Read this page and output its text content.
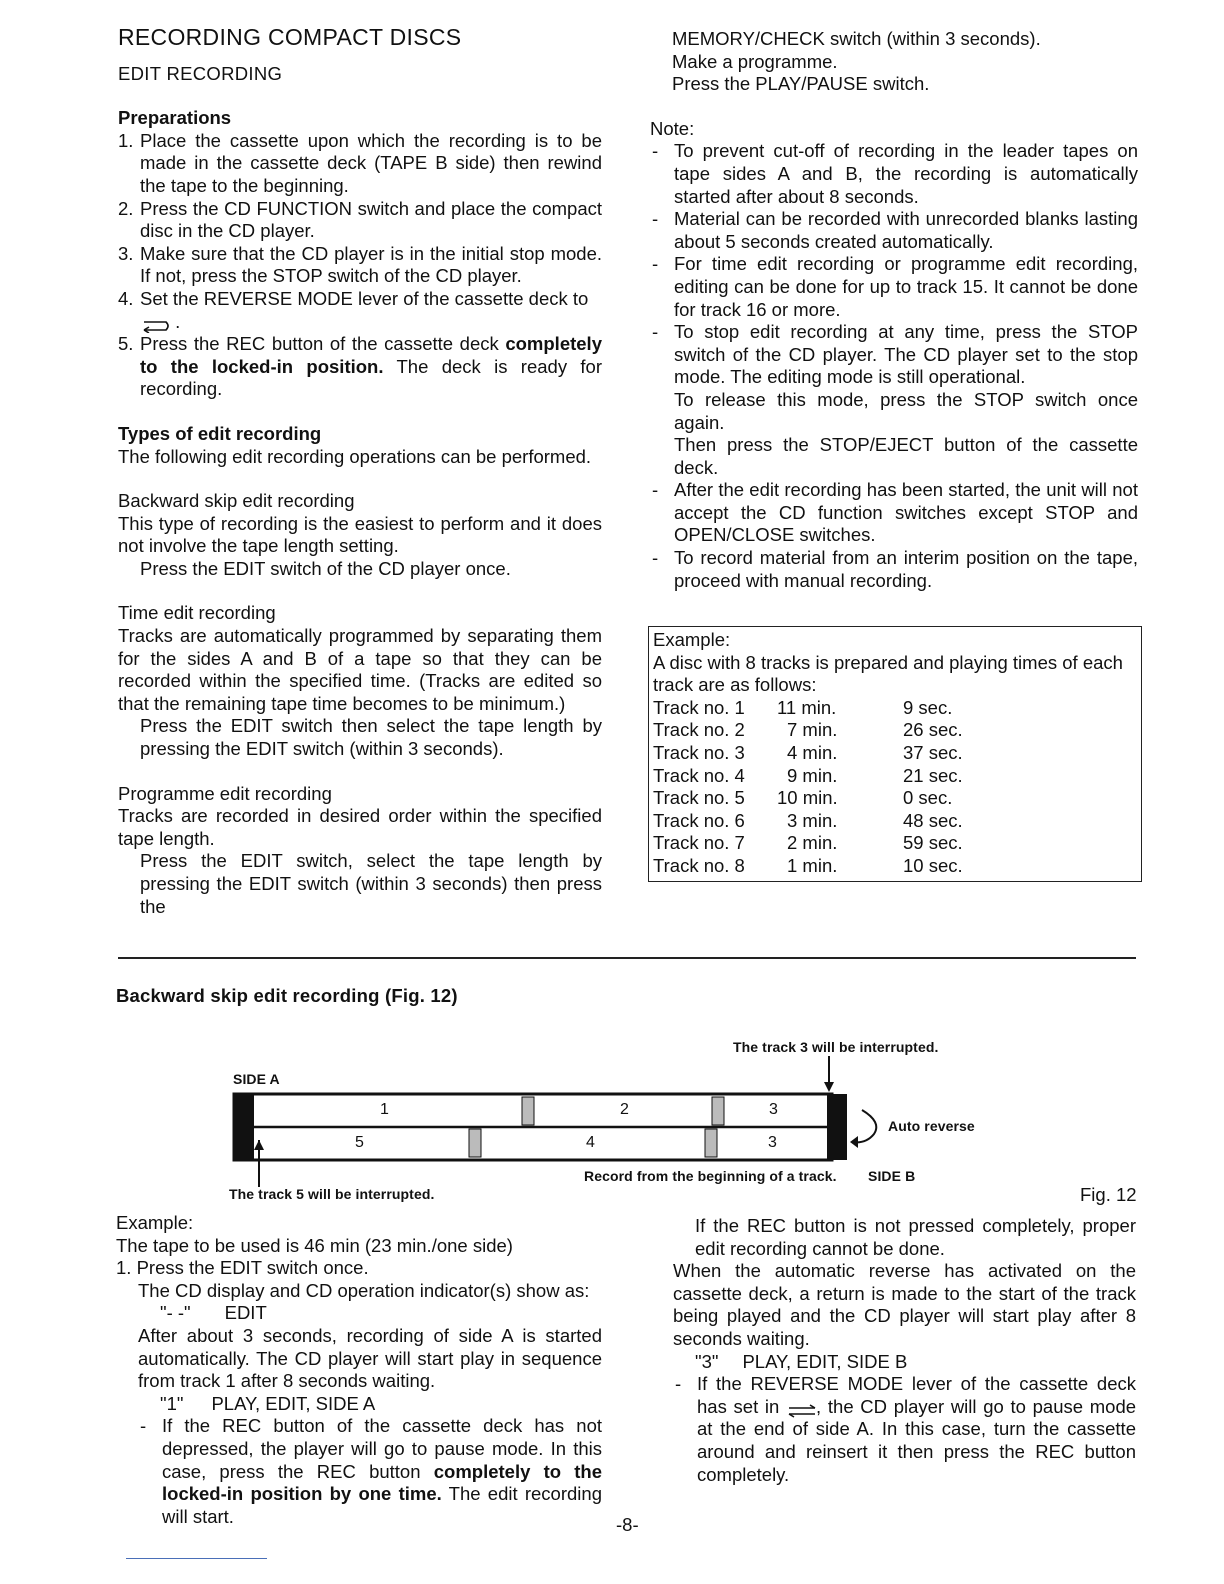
RECORDING COMPACT DISCS
EDIT RECORDING

Preparations

1. Place the cassette upon which the recording is to be made in the cassette deck (TAPE B side) then rewind the tape to the beginning.
2. Press the CD FUNCTION switch and place the compact disc in the CD player.
3. Make sure that the CD player is in the initial stop mode. If not, press the STOP switch of the CD player.
4. Set the REVERSE MODE lever of the cassette deck to
.
5. Press the REC button of the cassette deck completely to the locked-in position. The deck is ready for recording.

Types of edit recording

The following edit recording operations can be performed.

Backward skip edit recording

This type of recording is the easiest to perform and it does not involve the tape length setting.

Press the EDIT switch of the CD player once.

Time edit recording

Tracks are automatically programmed by separating them for the sides A and B of a tape so that they can be recorded within the specified time. (Tracks are edited so that the remaining tape time becomes to be minimum.)

Press the EDIT switch then select the tape length by pressing the EDIT switch (within 3 seconds).

Programme edit recording

Tracks are recorded in desired order within the specified tape length.

Press the EDIT switch, select the tape length by pressing the EDIT switch (within 3 seconds) then press the

MEMORY/CHECK switch (within 3 seconds).

Make a programme.

Press the PLAY/PAUSE switch.

Note:

- To prevent cut-off of recording in the leader tapes on tape sides A and B, the recording is automatically started after about 8 seconds.

- Material can be recorded with unrecorded blanks lasting about 5 seconds created automatically.

- For time edit recording or programme edit recording, editing can be done for up to track 15. It cannot be done for track 16 or more.

- To stop edit recording at any time, press the STOP switch of the CD player. The CD player set to the stop mode. The editing mode is still operational.

To release this mode, press the STOP switch once again.

Then press the STOP/EJECT button of the cassette deck.

- After the edit recording has been started, the unit will not accept the CD function switches except STOP and OPEN/CLOSE switches.

- To record material from an interim position on the tape, proceed with manual recording.

Example:

A disc with 8 tracks is prepared and playing times of each track are as follows:

Track no. 1	11 min.	9 sec.
Track no. 2	7 min.	26 sec.
Track no. 3	4 min.	37 sec.
Track no. 4	9 min.	21 sec.
Track no. 5	10 min.	0 sec.
Track no. 6	3 min.	48 sec.
Track no. 7	2 min.	59 sec.
Track no. 8	1 min.	10 sec.
Backward skip edit recording (Fig. 12)
The track 3 will be interrupted.
SIDE A
1	2	3
5	4	3
Auto reverse
Record from the beginning of a track. SIDE B
The track 5 will be interrupted.	Fig. 12

Example:

The tape to be used is 46 min (23 min./one side)

1. Press the EDIT switch once.

The CD display and CD operation indicator(s) show as:

"- -" EDIT

After about 3 seconds, recording of side A is started automatically. The CD player will start play in sequence from track 1 after 8 seconds waiting.

"1" PLAY, EDIT, SIDE A

- If the REC button of the cassette deck has not depressed, the player will go to pause mode. In this case, press the REC button completely to the locked-in position by one time. The edit recording will start.

If the REC button is not pressed completely, proper edit recording cannot be done.

When the automatic reverse has activated on the cassette deck, a return is made to the start of the track being played and the CD player will start play after 8 seconds waiting.

"3" PLAY, EDIT, SIDE B

- If the REVERSE MODE lever of the cassette deck has set in , the CD player will go to pause mode at the end of side A. In this case, turn the cassette around and reinsert it then press the REC button completely.

-8-
